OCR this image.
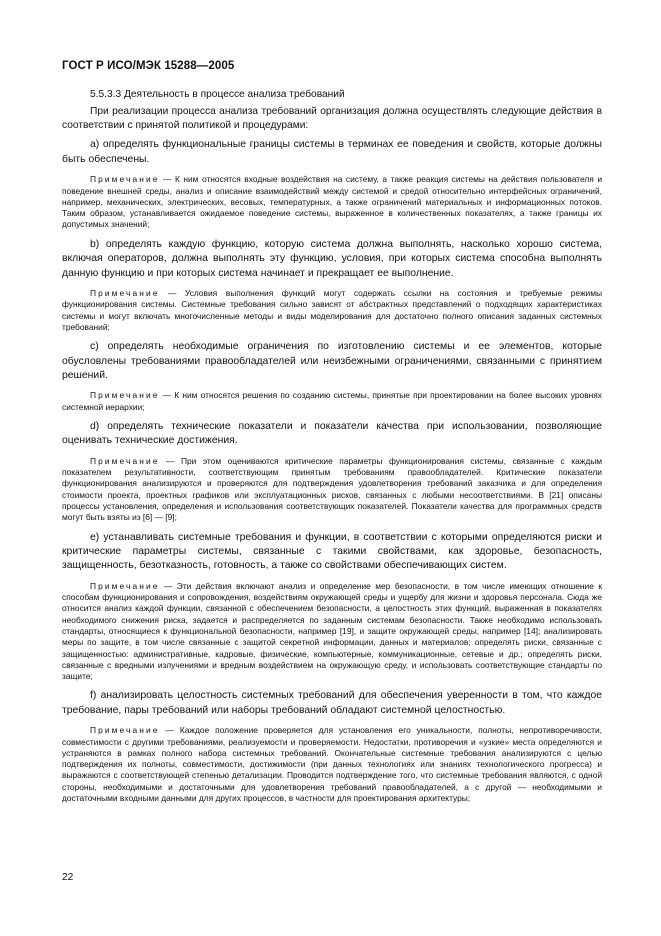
ГОСТ Р ИСО/МЭК 15288—2005

5.5.3.3 Деятельность в процессе анализа требований

При реализации процесса анализа требований организация должна осуществлять следующие действия в соответствии с принятой политикой и процедурами:

a) определять функциональные границы системы в терминах ее поведения и свойств, которые должны быть обеспечены.

Примечание — К ним относятся входные воздействия на систему, а также реакция системы на действия пользователя и поведение внешней среды, анализ и описание взаимодействий между системой и средой относительно интерфейсных ограничений, например, механических, электрических, весовых, температурных, а также ограничений материальных и информационных потоков. Таким образом, устанавливается ожидаемое поведение системы, выраженное в количественных показателях, а также границы их допустимых значений;

b) определять каждую функцию, которую система должна выполнять, насколько хорошо система, включая операторов, должна выполнять эту функцию, условия, при которых система способна выполнять данную функцию и при которых система начинает и прекращает ее выполнение.

Примечание — Условия выполнения функций могут содержать ссылки на состояния и требуемые режимы функционирования системы. Системные требования сильно зависят от абстрактных представлений о подходящих характеристиках системы и могут включать многочисленные методы и виды моделирования для достаточно полного описания заданных системных требований;

c) определять необходимые ограничения по изготовлению системы и ее элементов, которые обусловлены требованиями правообладателей или неизбежными ограничениями, связанными с принятием решений.

Примечание — К ним относятся решения по созданию системы, принятые при проектировании на более высоких уровнях системной иерархии;

d) определять технические показатели и показатели качества при использовании, позволяющие оценивать технические достижения.

Примечание — При этом оцениваются критические параметры функционирования системы, связанные с каждым показателем результативности, соответствующим принятым требованиям правообладателей. Критические показатели функционирования анализируются и проверяются для подтверждения удовлетворения требований заказчика и для определения стоимости проекта, проектных графиков или эксплуатационных рисков, связанных с любыми несоответствиями. В [21] описаны процессы установления, определения и использования соответствующих показателей. Показатели качества для программных средств могут быть взяты из [6] — [9];

e) устанавливать системные требования и функции, в соответствии с которыми определяются риски и критические параметры системы, связанные с такими свойствами, как здоровье, безопасность, защищенность, безотказность, готовность, а также со свойствами обеспечивающих систем.

Примечание — Эти действия включают анализ и определение мер безопасности, в том числе имеющих отношение к способам функционирования и сопровождения, воздействиям окружающей среды и ущербу для жизни и здоровья персонала. Сюда же относится анализ каждой функции, связанной с обеспечением безопасности, а целостность этих функций, выраженная в показателях необходимого снижения риска, задается и распределяется по заданным системам безопасности. Также необходимо использовать стандарты, относящиеся к функциональной безопасности, например [19], и защите окружающей среды, например [14]; анализировать меры по защите, в том числе связанные с защитой секретной информации, данных и материалов; определять риски, связанные с защищенностью: административные, кадровые, физические, компьютерные, коммуникационные, сетевые и др.; определять риски, связанные с вредными излучениями и вредным воздействием на окружающую среду, и использовать соответствующие стандарты по защите;

f) анализировать целостность системных требований для обеспечения уверенности в том, что каждое требование, пары требований или наборы требований обладают системной целостностью.

Примечание — Каждое положение проверяется для установления его уникальности, полноты, непротиворечивости, совместимости с другими требованиями, реализуемости и проверяемости. Недостатки, противоречия и «узкие» места определяются и устраняются в рамках полного набора системных требований. Окончательные системные требования анализируются с целью подтверждения их полноты, совместимости, достижимости (при данных технологиях или знаниях технологического прогресса) и выражаются с соответствующей степенью детализации. Проводится подтверждение того, что системные требования являются, с одной стороны, необходимыми и достаточными для удовлетворения требований правообладателей, а с другой — необходимыми и достаточными входными данными для других процессов, в частности для проектирования архитектуры;

22
